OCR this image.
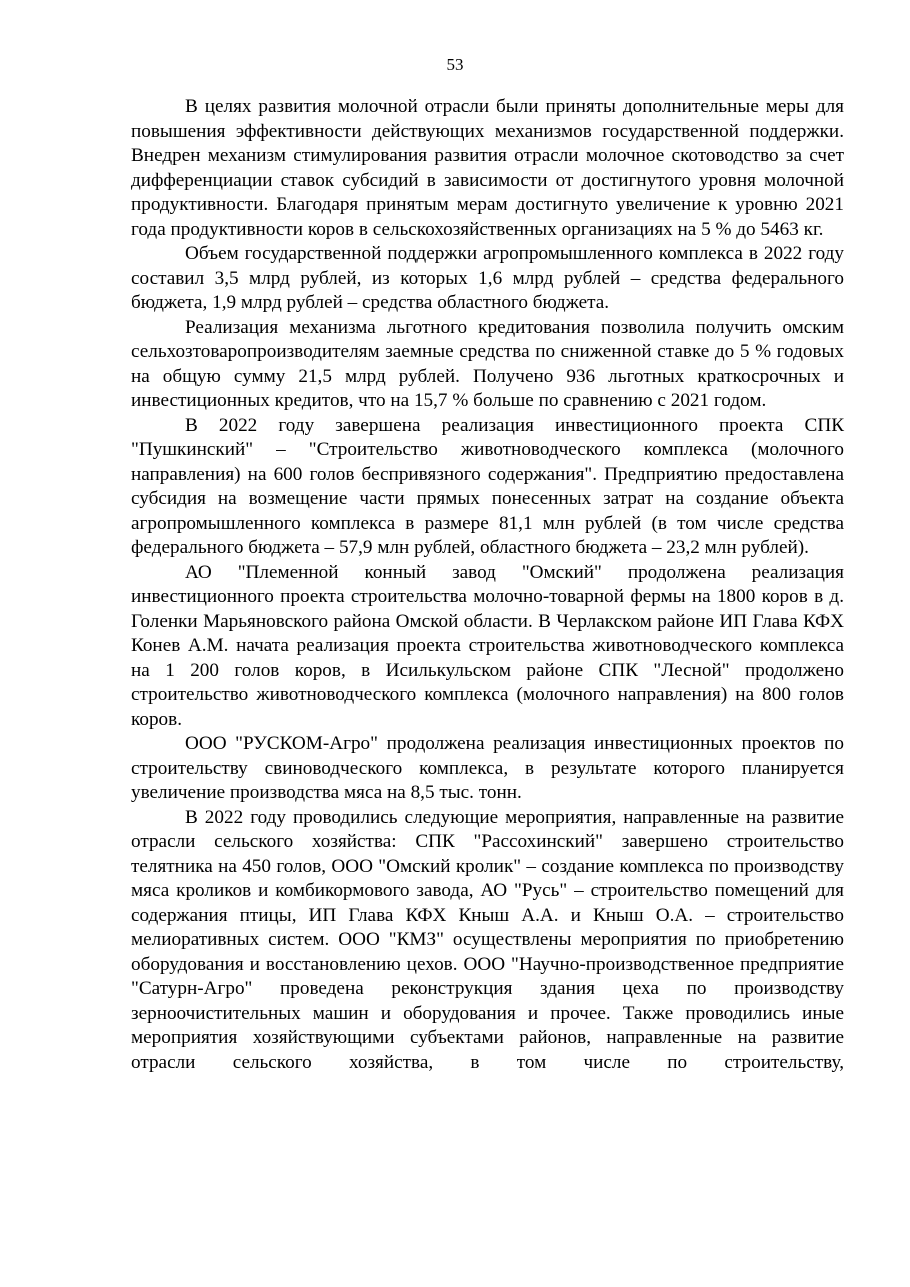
53

В целях развития молочной отрасли были приняты дополнительные меры для повышения эффективности действующих механизмов государственной поддержки. Внедрен механизм стимулирования развития отрасли молочное скотоводство за счет дифференциации ставок субсидий в зависимости от достигнутого уровня молочной продуктивности. Благодаря принятым мерам достигнуто увеличение к уровню 2021 года продуктивности коров в сельскохозяйственных организациях на 5 % до 5463 кг.

Объем государственной поддержки агропромышленного комплекса в 2022 году составил 3,5 млрд рублей, из которых 1,6 млрд рублей – средства федерального бюджета, 1,9 млрд рублей – средства областного бюджета.

Реализация механизма льготного кредитования позволила получить омским сельхозтоваропроизводителям заемные средства по сниженной ставке до 5 % годовых на общую сумму 21,5 млрд рублей. Получено 936 льготных краткосрочных и инвестиционных кредитов, что на 15,7 % больше по сравнению с 2021 годом.

В 2022 году завершена реализация инвестиционного проекта СПК "Пушкинский" – "Строительство животноводческого комплекса (молочного направления) на 600 голов беспривязного содержания". Предприятию предоставлена субсидия на возмещение части прямых понесенных затрат на создание объекта агропромышленного комплекса в размере 81,1 млн рублей (в том числе средства федерального бюджета – 57,9 млн рублей, областного бюджета – 23,2 млн рублей).

АО "Племенной конный завод "Омский" продолжена реализация инвестиционного проекта строительства молочно-товарной фермы на 1800 коров в д. Голенки Марьяновского района Омской области. В Черлакском районе ИП Глава КФХ Конев А.М. начата реализация проекта строительства животноводческого комплекса на 1 200 голов коров, в Исилькульском районе СПК "Лесной" продолжено строительство животноводческого комплекса (молочного направления) на 800 голов коров.

ООО "РУСКОМ-Агро" продолжена реализация инвестиционных проектов по строительству свиноводческого комплекса, в результате которого планируется увеличение производства мяса на 8,5 тыс. тонн.

В 2022 году проводились следующие мероприятия, направленные на развитие отрасли сельского хозяйства: СПК "Рассохинский" завершено строительство телятника на 450 голов, ООО "Омский кролик" – создание комплекса по производству мяса кроликов и комбикормового завода, АО "Русь" – строительство помещений для содержания птицы, ИП Глава КФХ Кныш А.А. и Кныш О.А. – строительство мелиоративных систем. ООО "КМЗ" осуществлены мероприятия по приобретению оборудования и восстановлению цехов. ООО "Научно-производственное предприятие "Сатурн-Агро" проведена реконструкция здания цеха по производству зерноочистительных машин и оборудования и прочее. Также проводились иные мероприятия хозяйствующими субъектами районов, направленные на развитие отрасли сельского хозяйства, в том числе по строительству,
